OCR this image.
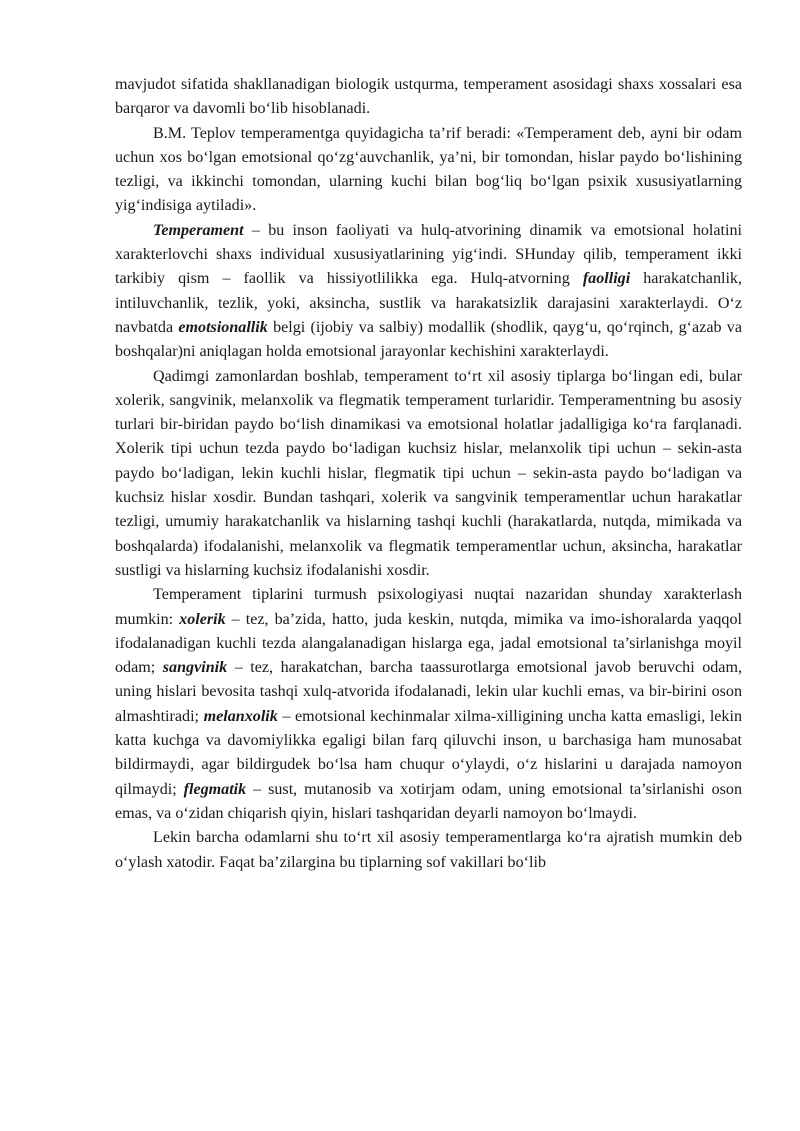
mavjudot sifatida shakllanadigan biologik ustqurma, temperament asosidagi shaxs xossalari esa barqaror va davomli bo‘lib hisoblanadi.

B.M. Teplov temperamentga quyidagicha ta’rif beradi: «Temperament deb, ayni bir odam uchun xos bo‘lgan emotsional qo‘zg‘auvchanlik, ya’ni, bir tomondan, hislar paydo bo‘lishining tezligi, va ikkinchi tomondan, ularning kuchi bilan bog‘liq bo‘lgan psixik xususiyatlarning yig‘indisiga aytiladi».

Temperament – bu inson faoliyati va hulq-atvorining dinamik va emotsional holatini xarakterlovchi shaxs individual xususiyatlarining yig‘indi. SHunday qilib, temperament ikki tarkibiy qism – faollik va hissiyotlilikka ega. Hulq-atvorning faolligi harakatchanlik, intiluvchanlik, tezlik, yoki, aksincha, sustlik va harakatsizlik darajasini xarakterlaydi. O‘z navbatda emotsionallik belgi (ijobiy va salbiy) modallik (shodlik, qayg‘u, qo‘rqinch, g‘azab va boshqalar)ni aniqlagan holda emotsional jarayonlar kechishini xarakterlaydi.

Qadimgi zamonlardan boshlab, temperament to‘rt xil asosiy tiplarga bo‘lingan edi, bular xolerik, sangvinik, melanxolik va flegmatik temperament turlaridir. Temperamentning bu asosiy turlari bir-biridan paydo bo‘lish dinamikasi va emotsional holatlar jadalligiga ko‘ra farqlanadi. Xolerik tipi uchun tezda paydo bo‘ladigan kuchsiz hislar, melanxolik tipi uchun – sekin-asta paydo bo‘ladigan, lekin kuchli hislar, flegmatik tipi uchun – sekin-asta paydo bo‘ladigan va kuchsiz hislar xosdir. Bundan tashqari, xolerik va sangvinik temperamentlar uchun harakatlar tezligi, umumiy harakatchanlik va hislarning tashqi kuchli (harakatlarda, nutqda, mimikada va boshqalarda) ifodalanishi, melanxolik va flegmatik temperamentlar uchun, aksincha, harakatlar sustligi va hislarning kuchsiz ifodalanishi xosdir.

Temperament tiplarini turmush psixologiyasi nuqtai nazaridan shunday xarakterlash mumkin: xolerik – tez, ba’zida, hatto, juda keskin, nutqda, mimika va imo-ishoralarda yaqqol ifodalanadigan kuchli tezda alangalanadigan hislarga ega, jadal emotsional ta’sirlanishga moyil odam; sangvinik – tez, harakatchan, barcha taassurotlarga emotsional javob beruvchi odam, uning hislari bevosita tashqi xulq-atvorida ifodalanadi, lekin ular kuchli emas, va bir-birini oson almashtiradi; melanxolik – emotsional kechinmalar xilma-xilligining uncha katta emasligi, lekin katta kuchga va davomiylikka egaligi bilan farq qiluvchi inson, u barchasiga ham munosabat bildirmaydi, agar bildirgudek bo‘lsa ham chuqur o‘ylaydi, o‘z hislarini u darajada namoyon qilmaydi; flegmatik – sust, mutanosib va xotirjam odam, uning emotsional ta’sirlanishi oson emas, va o‘zidan chiqarish qiyin, hislari tashqaridan deyarli namoyon bo‘lmaydi.

Lekin barcha odamlarni shu to‘rt xil asosiy temperamentlarga ko‘ra ajratish mumkin deb o‘ylash xatodir. Faqat ba’zilargina bu tiplarning sof vakillari bo‘lib
